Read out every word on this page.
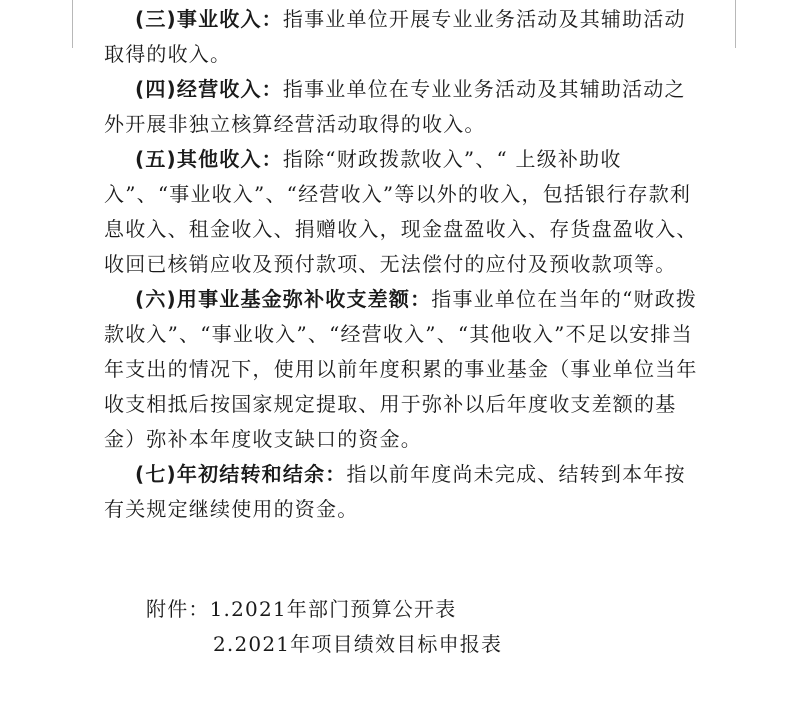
(三)事业收入：指事业单位开展专业业务活动及其辅助活动取得的收入。

(四)经营收入：指事业单位在专业业务活动及其辅助活动之外开展非独立核算经营活动取得的收入。

(五)其他收入：指除“财政拨款收入”、“ 上级补助收入”、“事业收入”、“经营收入”等以外的收入，包括银行存款利息收入、租金收入、捐赠收入，现金盘盈收入、存货盘盈收入、收回已核销应收及预付款项、无法偿付的应付及预收款项等。

(六)用事业基金弥补收支差额：指事业单位在当年的“财政拨款收入”、“事业收入”、“经营收入”、“其他收入”不足以安排当年支出的情况下，使用以前年度积累的事业基金（事业单位当年收支相抵后按国家规定提取、用于弥补以后年度收支差额的基金）弥补本年度收支缺口的资金。

(七)年初结转和结余：指以前年度尚未完成、结转到本年按有关规定继续使用的资金。

附件：1.2021年部门预算公开表
2.2021年项目绩效目标申报表
